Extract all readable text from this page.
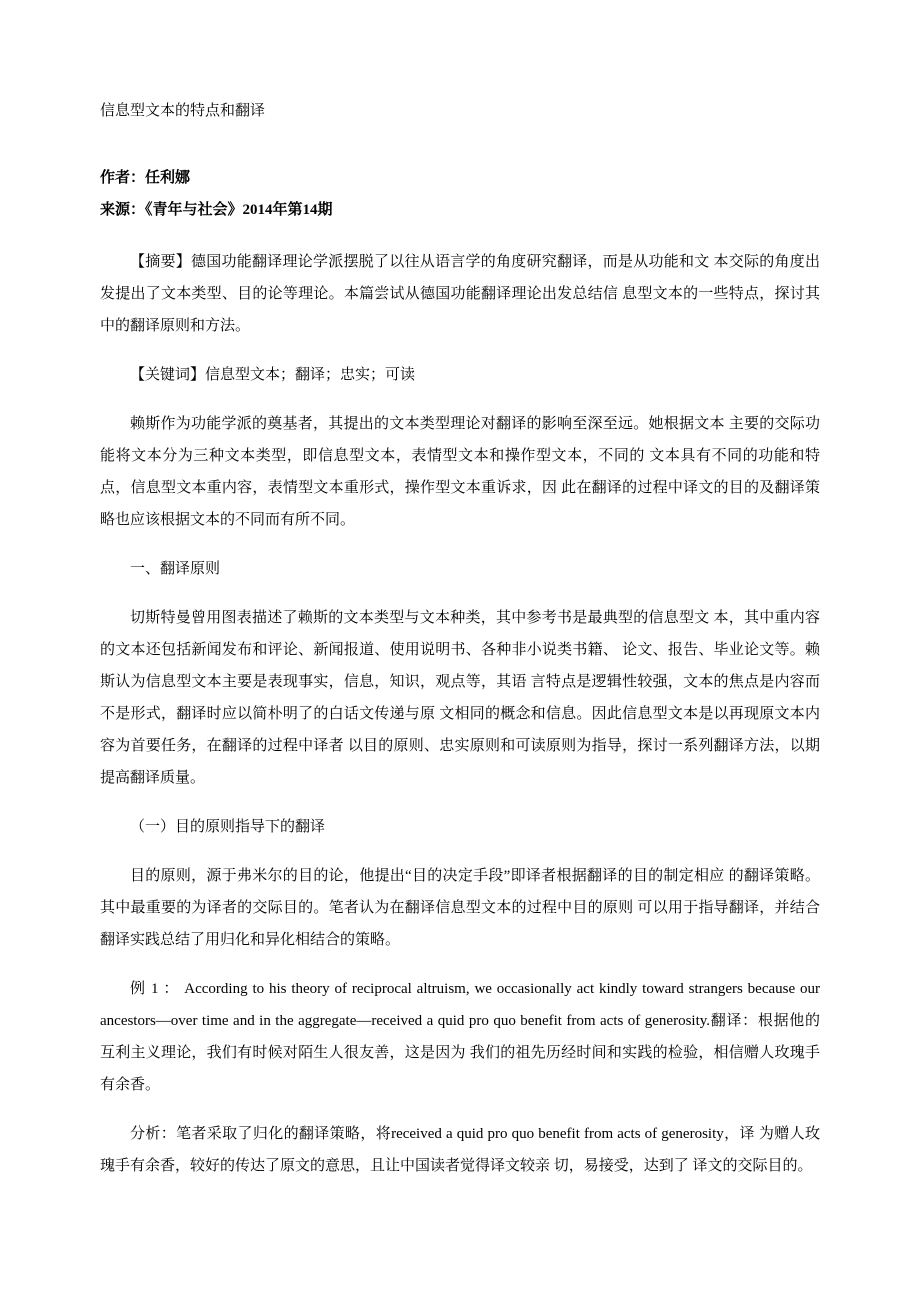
信息型文本的特点和翻译

作者：任利娜

来源：《青年与社会》2014年第14期

【摘要】德国功能翻译理论学派摆脱了以往从语言学的角度研究翻译，而是从功能和文 本交际的角度出发提出了文本类型、目的论等理论。本篇尝试从德国功能翻译理论出发总结信 息型文本的一些特点，探讨其中的翻译原则和方法。

【关键词】信息型文本；翻译；忠实；可读

赖斯作为功能学派的奠基者，其提出的文本类型理论对翻译的影响至深至远。她根据文本 主要的交际功能将文本分为三种文本类型，即信息型文本，表情型文本和操作型文本，不同的 文本具有不同的功能和特点，信息型文本重内容，表情型文本重形式，操作型文本重诉求，因 此在翻译的过程中译文的目的及翻译策略也应该根据文本的不同而有所不同。

一、翻译原则

切斯特曼曾用图表描述了赖斯的文本类型与文本种类，其中参考书是最典型的信息型文 本，其中重内容的文本还包括新闻发布和评论、新闻报道、使用说明书、各种非小说类书籍、 论文、报告、毕业论文等。赖斯认为信息型文本主要是表现事实，信息，知识，观点等，其语 言特点是逻辑性较强，文本的焦点是内容而不是形式，翻译时应以简朴明了的白话文传递与原 文相同的概念和信息。因此信息型文本是以再现原文本内容为首要任务，在翻译的过程中译者 以目的原则、忠实原则和可读原则为指导，探讨一系列翻译方法，以期提高翻译质量。

（一）目的原则指导下的翻译

目的原则，源于弗米尔的目的论，他提出“目的决定手段”即译者根据翻译的目的制定相应 的翻译策略。其中最重要的为译者的交际目的。笔者认为在翻译信息型文本的过程中目的原则 可以用于指导翻译，并结合翻译实践总结了用归化和异化相结合的策略。

例 1 ： According to his theory of reciprocal altruism, we occasionally act kindly toward strangers because our ancestors—over time and in the aggregate—received a quid pro quo benefit from acts of generosity.翻译：根据他的互利主义理论，我们有时候对陌生人很友善，这是因为 我们的祖先历经时间和实践的检验，相信赠人玫瑰手有余香。

分析：笔者采取了归化的翻译策略，将received a quid pro quo benefit from acts of generosity，译 为赠人玫瑰手有余香，较好的传达了原文的意思，且让中国读者觉得译文较亲 切，易接受，达到了 译文的交际目的。
